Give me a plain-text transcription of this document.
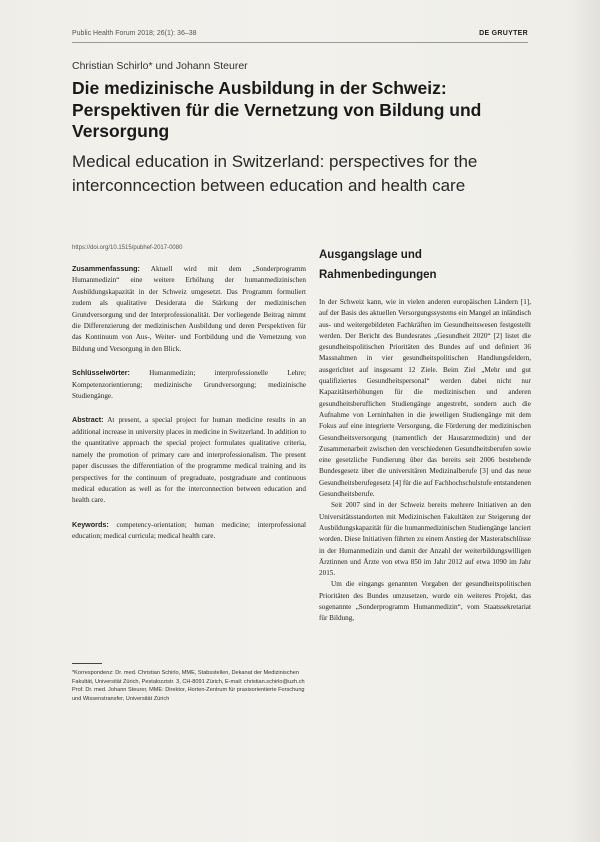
Public Health Forum 2018; 26(1): 36–38	DE GRUYTER
Christian Schirlo* und Johann Steurer
Die medizinische Ausbildung in der Schweiz: Perspektiven für die Vernetzung von Bildung und Versorgung
Medical education in Switzerland: perspectives for the interconncection between education and health care
https://doi.org/10.1515/pubhef-2017-0080

Zusammenfassung: Aktuell wird mit dem „Sonderprogramm Humanmedizin“ eine weitere Erhöhung der humanmedizinischen Ausbildungskapazität in der Schweiz umgesetzt. Das Programm formuliert zudem als qualitative Desiderata die Stärkung der medizinischen Grundversorgung und der Interprofessionalität. Der vorliegende Beitrag nimmt die Differenzierung der medizinischen Ausbildung und deren Perspektiven für das Kontinuum von Aus-, Weiter- und Fortbildung und die Vernetzung von Bildung und Versorgung in den Blick.

Schlüsselwörter:	Humanmedizin; interprofessionelle Lehre; Kompetenzorientierung; medizinische Grundversorgung; medizinische Studiengänge.

Abstract: At present, a special project for human medicine results in an additional increase in university places in medicine in Switzerland. In addition to the quantitative approach the special project formulates qualitative criteria, namely the promotion of primary care and interprofessionalism. The present paper discusses the differentiation of the programme medical training and its perspectives for the continuum of pregraduate, postgraduate and continuous medical education as well as for the interconnection between education and health care.

Keywords: competency-orientation; human medicine; interprofessional education; medical curricula; medical health care.

*Korrespondenz: Dr. med. Christian Schirlo, MME, Stabsstellen, Dekanat der Medizinischen Fakultät, Universität Zürich, Pestalozzistr. 3, CH-8091 Zürich, E-mail: christian.schirlo@uzh.ch

Prof. Dr. med. Johann Steurer, MME: Direktor, Horten-Zentrum für praxisorientierte Forschung und Wissenstransfer, Universität Zürich

Ausgangslage und Rahmenbedingungen

In der Schweiz kann, wie in vielen anderen europäischen Ländern [1], auf der Basis des aktuellen Versorgungssystems ein Mangel an inländisch aus- und weitergebildeten Fachkräften im Gesundheitswesen festgestellt werden. Der Bericht des Bundesrates „Gesundheit 2020“ [2] listet die gesundheitspolitischen Prioritäten des Bundes auf und definiert 36 Massnahmen in vier gesundheitspolitischen Handlungsfeldern, ausgerichtet auf insgesamt 12 Ziele. Beim Ziel „Mehr und gut qualifiziertes Gesundheitspersonal“ werden dabei nicht nur Kapazitätserhöhungen für die medizinischen und anderen gesundheitsberuflichen Studiengänge angestrebt, sondern auch die Aufnahme von Lerninhalten in die jeweiligen Studiengänge mit dem Fokus auf eine integrierte Versorgung, die Förderung der medizinischen Gesundheitsversorgung (namentlich der Hausarztmedizin) und der Zusammenarbeit zwischen den verschiedenen Gesundheitsberufen sowie eine gesetzliche Fundierung über das bereits seit 2006 bestehende Bundesgesetz über die universitären Medizinalberufe [3] und das neue Gesundheitsberufegesetz [4] für die auf Fachhochschulstufe entstandenen Gesundheitsberufe.

Seit 2007 sind in der Schweiz bereits mehrere Initiativen an den Universitätsstandorten mit Medizinischen Fakultäten zur Steigerung der Ausbildungskapazität für die humanmedizinischen Studiengänge lanciert worden. Diese Initiativen führten zu einem Anstieg der Masterabschlüsse in der Humanmedizin und damit der Anzahl der weiterbildungswilligen Ärztinnen und Ärzte von etwa 850 im Jahr 2012 auf etwa 1090 im Jahr 2015.

Um die eingangs genannten Vorgaben der gesundheitspolitischen Prioritäten des Bundes umzusetzen, wurde ein weiteres Projekt, das sogenannte „Sonderprogramm Humanmedizin“, vom Staatssekretariat für Bildung,
